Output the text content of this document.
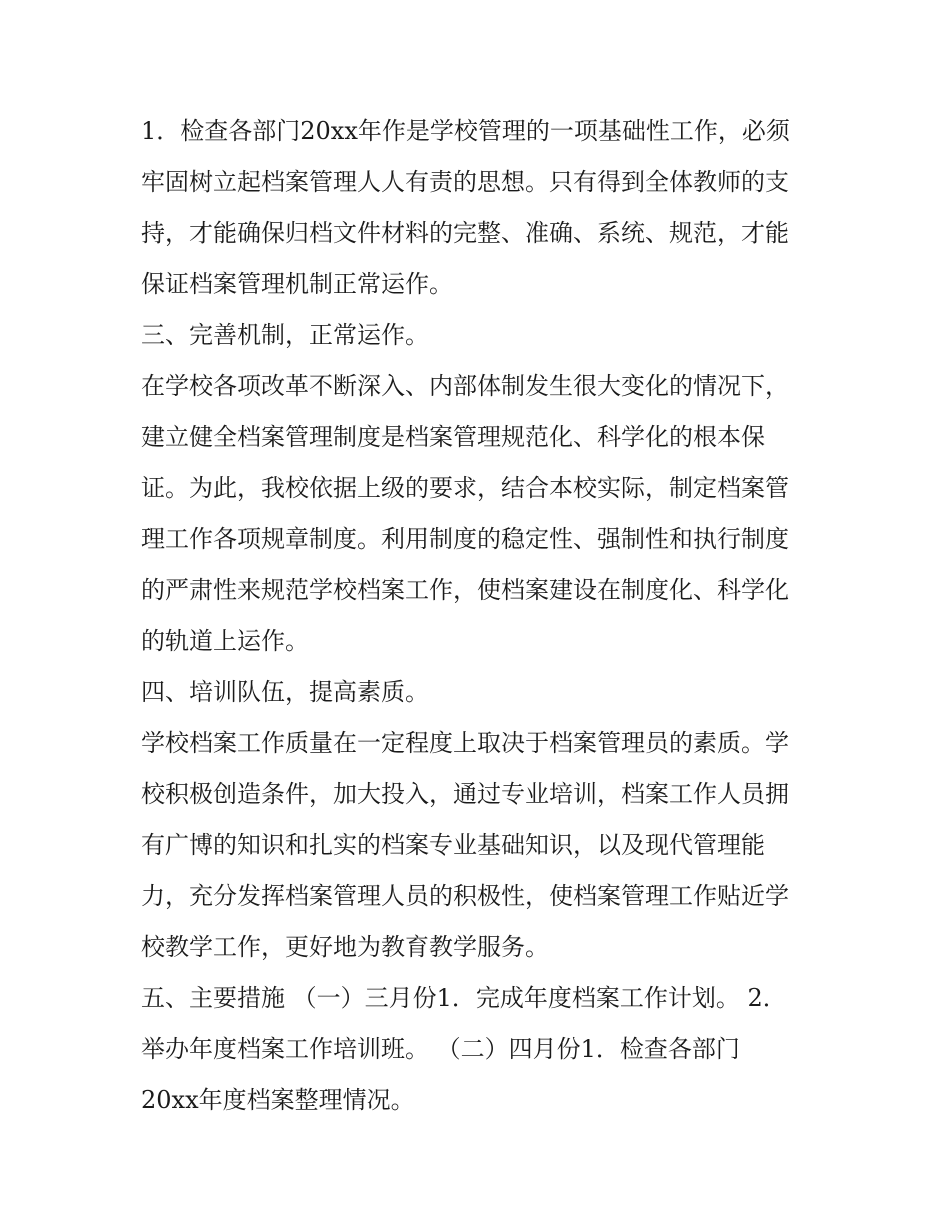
1．检查各部门20xx年作是学校管理的一项基础性工作，必须
牢固树立起档案管理人人有责的思想。只有得到全体教师的支
持，才能确保归档文件材料的完整、准确、系统、规范，才能
保证档案管理机制正常运作。
三、完善机制，正常运作。
在学校各项改革不断深入、内部体制发生很大变化的情况下，
建立健全档案管理制度是档案管理规范化、科学化的根本保
证。为此，我校依据上级的要求，结合本校实际，制定档案管
理工作各项规章制度。利用制度的稳定性、强制性和执行制度
的严肃性来规范学校档案工作，使档案建设在制度化、科学化
的轨道上运作。
四、培训队伍，提高素质。
学校档案工作质量在一定程度上取决于档案管理员的素质。学
校积极创造条件，加大投入，通过专业培训，档案工作人员拥
有广博的知识和扎实的档案专业基础知识，以及现代管理能
力，充分发挥档案管理人员的积极性，使档案管理工作贴近学
校教学工作，更好地为教育教学服务。
五、主要措施 （一）三月份1．完成年度档案工作计划。 2．
举办年度档案工作培训班。 （二）四月份1．检查各部门
20xx年度档案整理情况。
